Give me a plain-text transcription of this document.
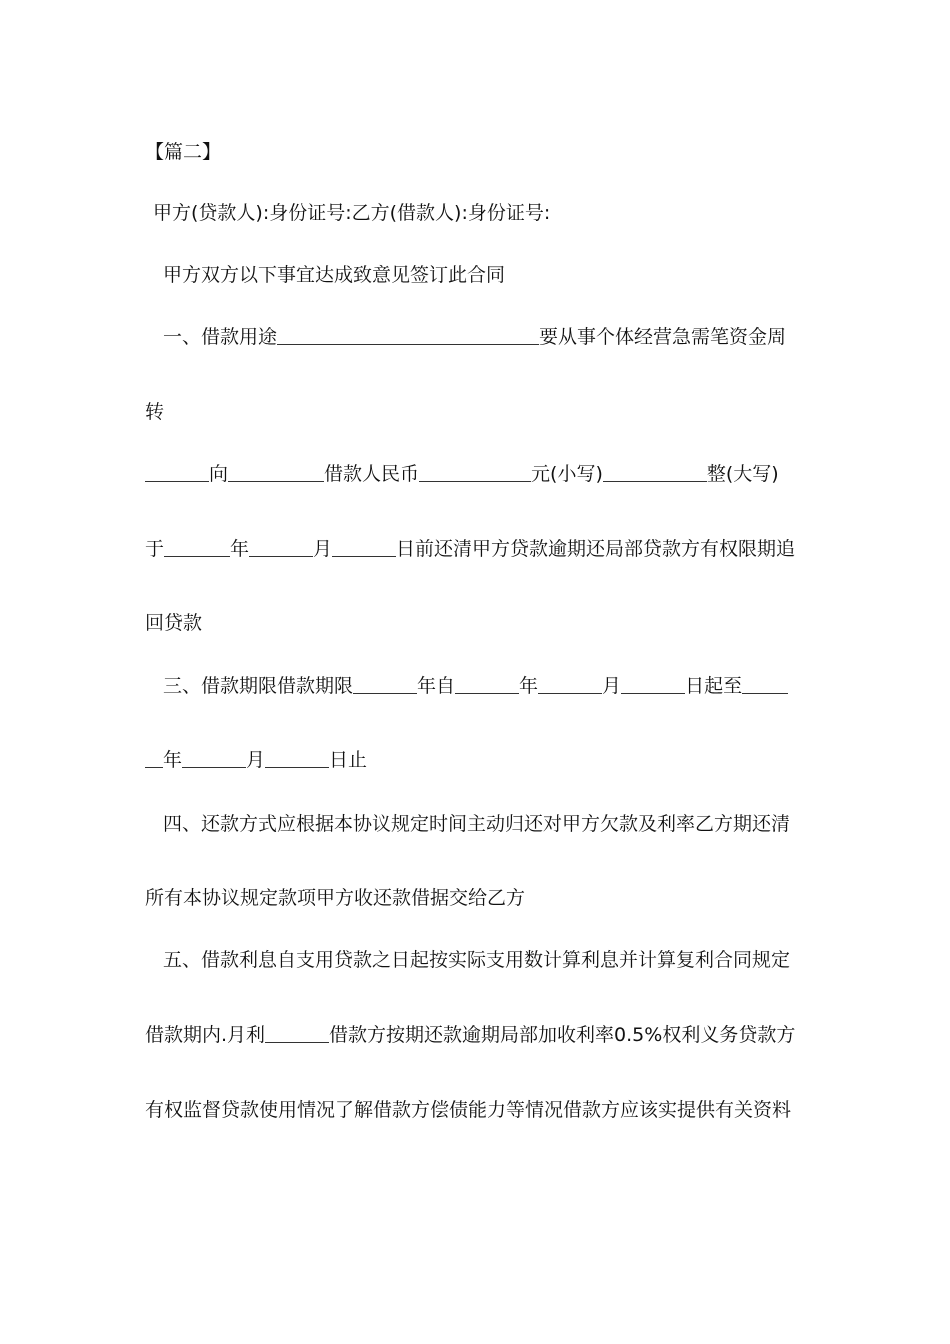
【篇二】
甲方(贷款人):身份证号:乙方(借款人):身份证号:
甲方双方以下事宜达成致意见签订此合同
一、借款用途	要从事个体经营急需笔资金周
转
向	借款人民币	元(小写)	整(大写)
于	年	月	日前还清甲方贷款逾期还局部贷款方有权限期追
回贷款
三、借款期限借款期限	年自	年	月	日起至
年	月	日止
四、还款方式应根据本协议规定时间主动归还对甲方欠款及利率乙方期还清
所有本协议规定款项甲方收还款借据交给乙方
五、借款利息自支用贷款之日起按实际支用数计算利息并计算复利合同规定
借款期内.月利	借款方按期还款逾期局部加收利率0.5%权利义务贷款方
有权监督贷款使用情况了解借款方偿债能力等情况借款方应该实提供有关资料
